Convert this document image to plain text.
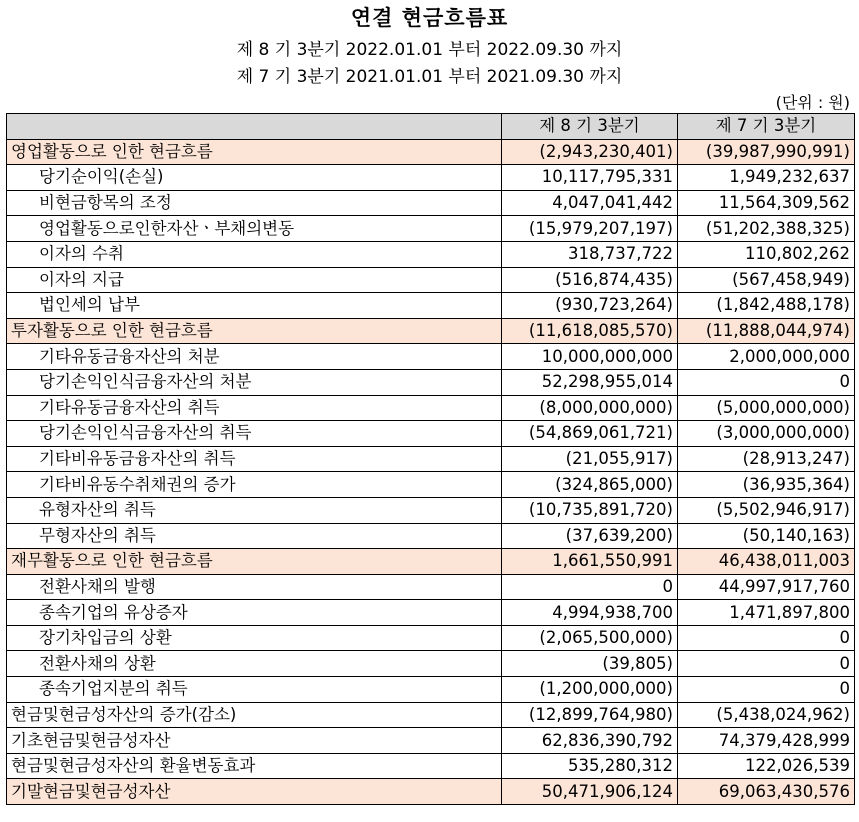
연결 현금흐름표
제 8 기 3분기 2022.01.01 부터 2022.09.30 까지
제 7 기 3분기 2021.01.01 부터 2021.09.30 까지
(단위 : 원)
	제 8 기 3분기	제 7 기 3분기
영업활동으로 인한 현금흐름	(2,943,230,401)	(39,987,990,991)
당기순이익(손실)	10,117,795,331	1,949,232,637
비현금항목의 조정	4,047,041,442	11,564,309,562
영업활동으로인한자산ㆍ부채의변동	(15,979,207,197)	(51,202,388,325)
이자의 수취	318,737,722	110,802,262
이자의 지급	(516,874,435)	(567,458,949)
법인세의 납부	(930,723,264)	(1,842,488,178)
투자활동으로 인한 현금흐름	(11,618,085,570)	(11,888,044,974)
기타유동금융자산의 처분	10,000,000,000	2,000,000,000
당기손익인식금융자산의 처분	52,298,955,014	0
기타유동금융자산의 취득	(8,000,000,000)	(5,000,000,000)
당기손익인식금융자산의 취득	(54,869,061,721)	(3,000,000,000)
기타비유동금융자산의 취득	(21,055,917)	(28,913,247)
기타비유동수취채권의 증가	(324,865,000)	(36,935,364)
유형자산의 취득	(10,735,891,720)	(5,502,946,917)
무형자산의 취득	(37,639,200)	(50,140,163)
재무활동으로 인한 현금흐름	1,661,550,991	46,438,011,003
전환사채의 발행	0	44,997,917,760
종속기업의 유상증자	4,994,938,700	1,471,897,800
장기차입금의 상환	(2,065,500,000)	0
전환사채의 상환	(39,805)	0
종속기업지분의 취득	(1,200,000,000)	0
현금및현금성자산의 증가(감소)	(12,899,764,980)	(5,438,024,962)
기초현금및현금성자산	62,836,390,792	74,379,428,999
현금및현금성자산의 환율변동효과	535,280,312	122,026,539
기말현금및현금성자산	50,471,906,124	69,063,430,576
